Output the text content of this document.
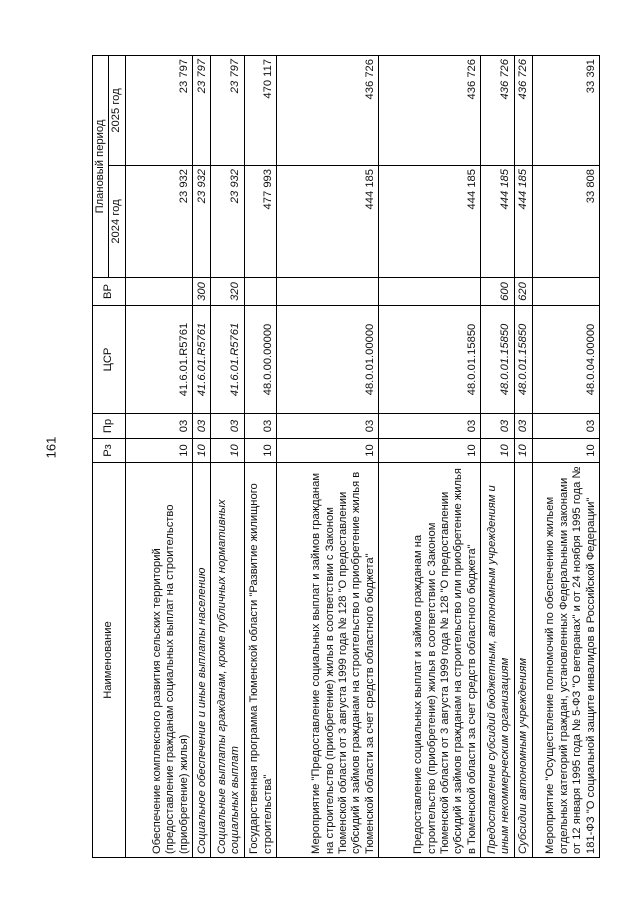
161
Наименование	Рз	Пр	ЦСР	ВР	Плановый период	
					2024 год	2025 год
Обеспечение комплексного развития сельских территорий (предоставление гражданам социальных выплат на строительство (приобретение) жилья)	10	03	41.6.01.R5761		23 932	23 797
Социальное обеспечение и иные выплаты населению	10	03	41.6.01.R5761	300	23 932	23 797
Социальные выплаты гражданам, кроме публичных нормативных социальных выплат	10	03	41.6.01.R5761	320	23 932	23 797
Государственная программа Тюменской области "Развитие жилищного строительства"	10	03	48.0.00.00000		477 993	470 117
Мероприятие "Предоставление социальных выплат и займов гражданам на строительство (приобретение) жилья в соответствии с Законом Тюменской области от 3 августа 1999 года № 128 "О предоставлении субсидий и займов гражданам на строительство и приобретение жилья в Тюменской области за счет средств областного бюджета"	10	03	48.0.01.00000		444 185	436 726
Предоставление социальных выплат и займов гражданам на строительство (приобретение) жилья в соответствии с Законом Тюменской области от 3 августа 1999 года № 128 "О предоставлении субсидий и займов гражданам на строительство или приобретение жилья в Тюменской области за счет средств областного бюджета"	10	03	48.0.01.15850		444 185	436 726
Предоставление субсидий бюджетным, автономным учреждениям и иным некоммерческим организациям	10	03	48.0.01.15850	600	444 185	436 726
Субсидии автономным учреждениям	10	03	48.0.01.15850	620	444 185	436 726
Мероприятие "Осуществление полномочий по обеспечению жильем отдельных категорий граждан, установленных Федеральными законами от 12 января 1995 года № 5-ФЗ "О ветеранах" и от 24 ноября 1995 года № 181-ФЗ "О социальной защите инвалидов в Российской Федерации"	10	03	48.0.04.00000		33 808	33 391
